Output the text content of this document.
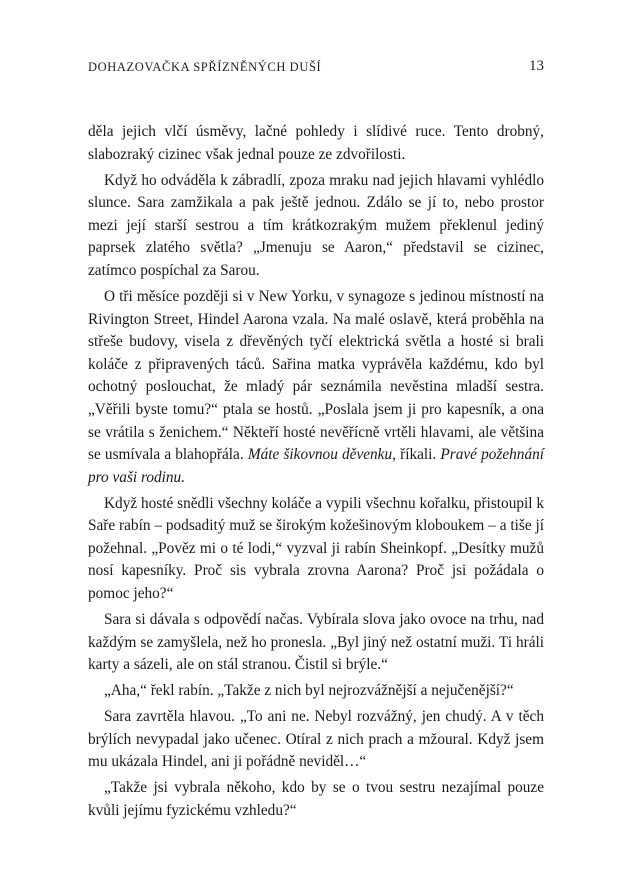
DOHAZOVAČKA SPŘÍZNĚNÝCH DUŠÍ	13

děla jejich vlčí úsměvy, lačné pohledy i slídivé ruce. Tento drobný, slabozraký cizinec však jednal pouze ze zdvořilosti.

Když ho odváděla k zábradlí, zpoza mraku nad jejich hlavami vyhlédlo slunce. Sara zamžikala a pak ještě jednou. Zdálo se jí to, nebo prostor mezi její starší sestrou a tím krátkozrakým mužem překlenul jediný paprsek zlatého světla? „Jmenuju se Aaron,“ představil se cizinec, zatímco pospíchal za Sarou.

O tři měsíce později si v New Yorku, v synagoze s jedinou místností na Rivington Street, Hindel Aarona vzala. Na malé oslavě, která proběhla na střeše budovy, visela z dřevěných tyčí elektrická světla a hosté si brali koláče z připravených táců. Sařina matka vyprávěla každému, kdo byl ochotný poslouchat, že mladý pár seznámila nevěstina mladší sestra. „Věřili byste tomu?“ ptala se hostů. „Poslala jsem ji pro kapesník, a ona se vrátila s ženichem.“ Někteří hosté nevěřícně vrtěli hlavami, ale většina se usmívala a blahopřála. Máte šikovnou děvenku, říkali. Pravé požehnání pro vaši rodinu.

Když hosté snědli všechny koláče a vypili všechnu kořalku, přistoupil k Saře rabín – podsaditý muž se širokým kožešinovým kloboukem – a tiše jí požehnal. „Pověz mi o té lodi,“ vyzval ji rabín Sheinkopf. „Desítky mužů nosí kapesníky. Proč sis vybrala zrovna Aarona? Proč jsi požádala o pomoc jeho?“

Sara si dávala s odpovědí načas. Vybírala slova jako ovoce na trhu, nad každým se zamyšlela, než ho pronesla. „Byl jiný než ostatní muži. Ti hráli karty a sázeli, ale on stál stranou. Čistil si brýle.“

„Aha,“ řekl rabín. „Takže z nich byl nejrozvážnější a nejučenější?“

Sara zavrtěla hlavou. „To ani ne. Nebyl rozvážný, jen chudý. A v těch brýlích nevypadal jako učenec. Otíral z nich prach a mžoural. Když jsem mu ukázala Hindel, ani ji pořádně neviděl…“

„Takže jsi vybrala někoho, kdo by se o tvou sestru nezajímal pouze kvůli jejímu fyzickému vzhledu?“
